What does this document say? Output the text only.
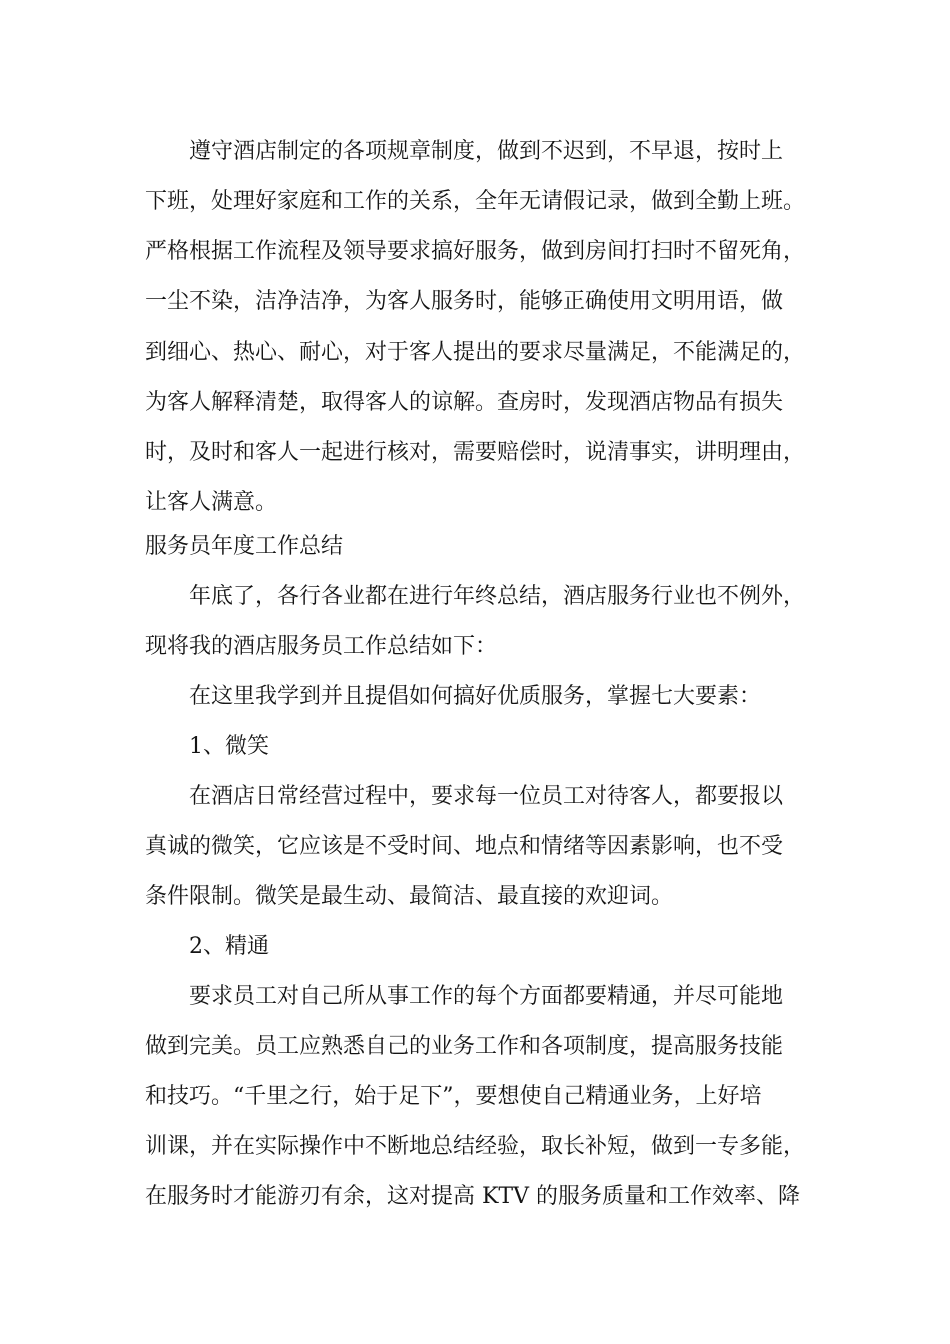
遵守酒店制定的各项规章制度，做到不迟到，不早退，按时上
下班，处理好家庭和工作的关系，全年无请假记录，做到全勤上班。
严格根据工作流程及领导要求搞好服务，做到房间打扫时不留死角，
一尘不染，洁净洁净，为客人服务时，能够正确使用文明用语，做
到细心、热心、耐心，对于客人提出的要求尽量满足，不能满足的，
为客人解释清楚，取得客人的谅解。查房时，发现酒店物品有损失
时，及时和客人一起进行核对，需要赔偿时，说清事实，讲明理由，
让客人满意。
服务员年度工作总结
年底了，各行各业都在进行年终总结，酒店服务行业也不例外，
现将我的酒店服务员工作总结如下：
在这里我学到并且提倡如何搞好优质服务，掌握七大要素：
1、微笑
在酒店日常经营过程中，要求每一位员工对待客人，都要报以
真诚的微笑，它应该是不受时间、地点和情绪等因素影响，也不受
条件限制。微笑是最生动、最简洁、最直接的欢迎词。
2、精通
要求员工对自己所从事工作的每个方面都要精通，并尽可能地
做到完美。员工应熟悉自己的业务工作和各项制度，提高服务技能
和技巧。“千里之行，始于足下”，要想使自己精通业务，上好培
训课，并在实际操作中不断地总结经验，取长补短，做到一专多能，
在服务时才能游刃有余，这对提高 KTV 的服务质量和工作效率、降
